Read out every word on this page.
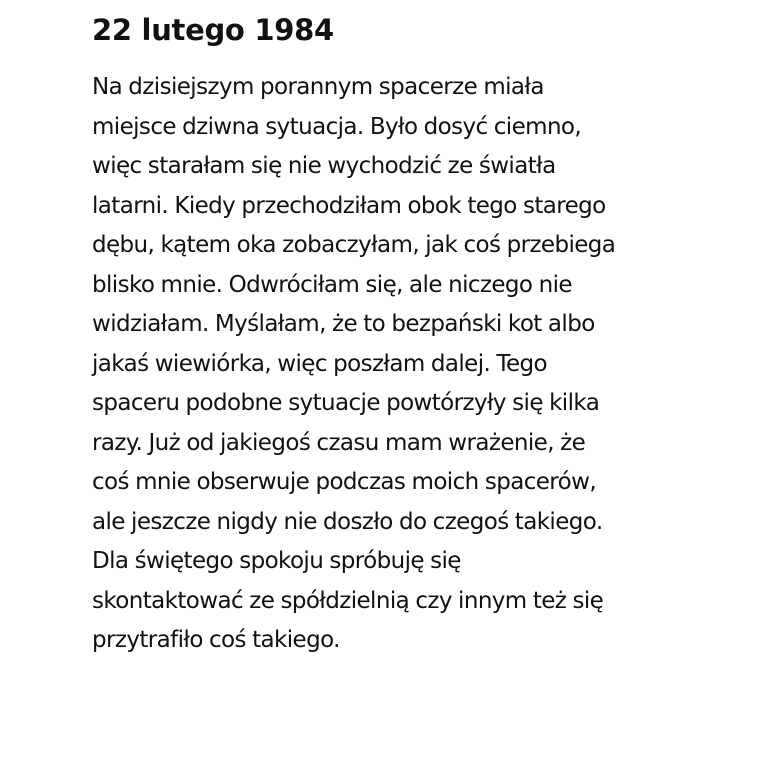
22 lutego 1984

Na dzisiejszym porannym spacerze miała
miejsce dziwna sytuacja. Było dosyć ciemno,
więc starałam się nie wychodzić ze światła
latarni. Kiedy przechodziłam obok tego starego
dębu, kątem oka zobaczyłam, jak coś przebiega
blisko mnie. Odwróciłam się, ale niczego nie
widziałam. Myślałam, że to bezpański kot albo
jakaś wiewiórka, więc poszłam dalej. Tego
spaceru podobne sytuacje powtórzyły się kilka
razy. Już od jakiegoś czasu mam wrażenie, że
coś mnie obserwuje podczas moich spacerów,
ale jeszcze nigdy nie doszło do czegoś takiego.
Dla świętego spokoju spróbuję się
skontaktować ze spółdzielnią czy innym też się
przytrafiło coś takiego.
